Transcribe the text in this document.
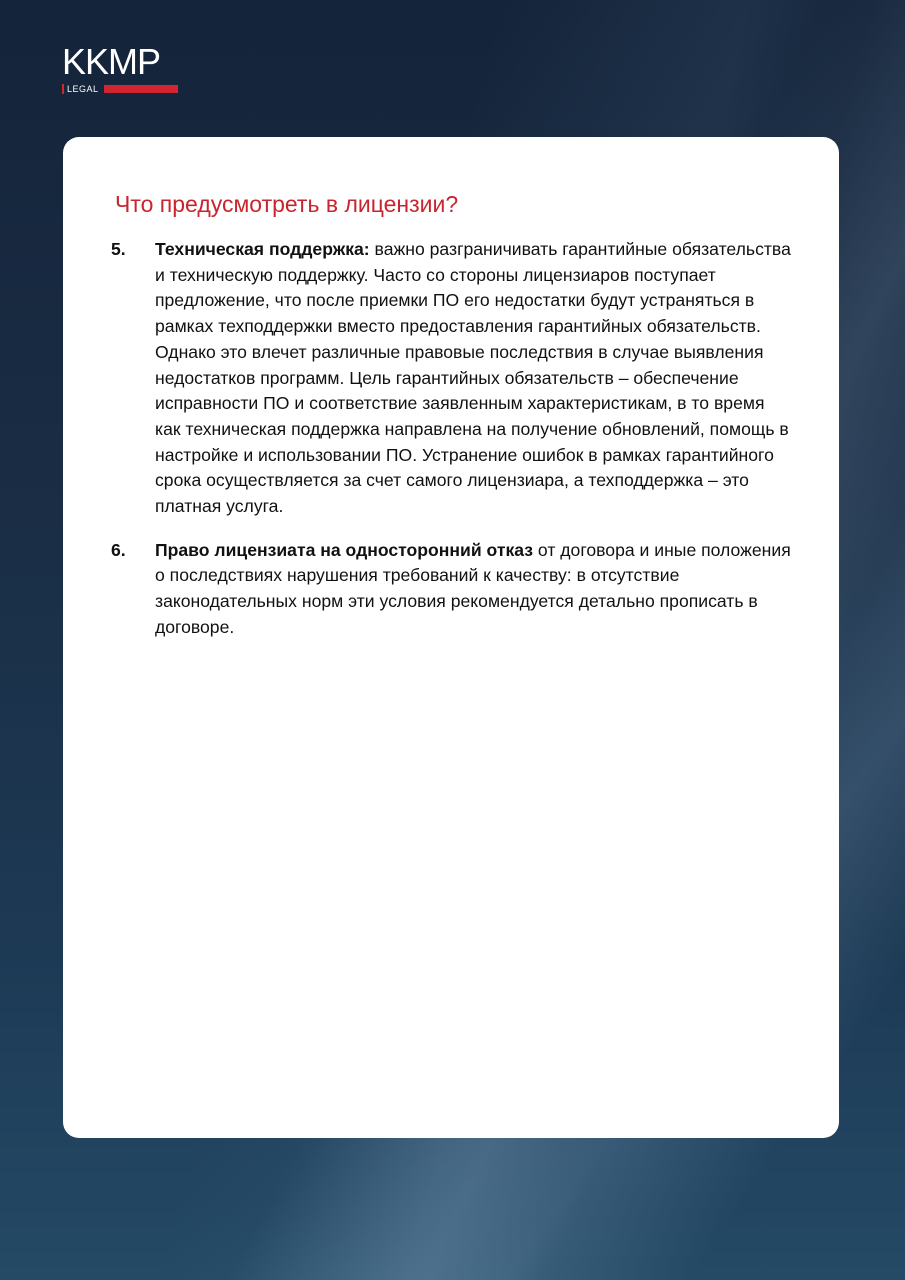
KKMP
LEGAL
Что предусмотреть в лицензии?
5.	Техническая поддержка: важно разграничивать гарантийные обязательства и техническую поддержку. Часто со стороны лицензиаров поступает предложение, что после приемки ПО его недостатки будут устраняться в рамках техподдержки вместо предоставления гарантийных обязательств. Однако это влечет различные правовые последствия в случае выявления недостатков программ. Цель гарантийных обязательств – обеспечение исправности ПО и соответствие заявленным характеристикам, в то время как техническая поддержка направлена на получение обновлений, помощь в настройке и использовании ПО. Устранение ошибок в рамках гарантийного срока осуществляется за счет самого лицензиара, а техподдержка – это платная услуга.
6.	Право лицензиата на односторонний отказ от договора и иные положения о последствиях нарушения требований к качеству: в отсутствие законодательных норм эти условия рекомендуется детально прописать в договоре.
